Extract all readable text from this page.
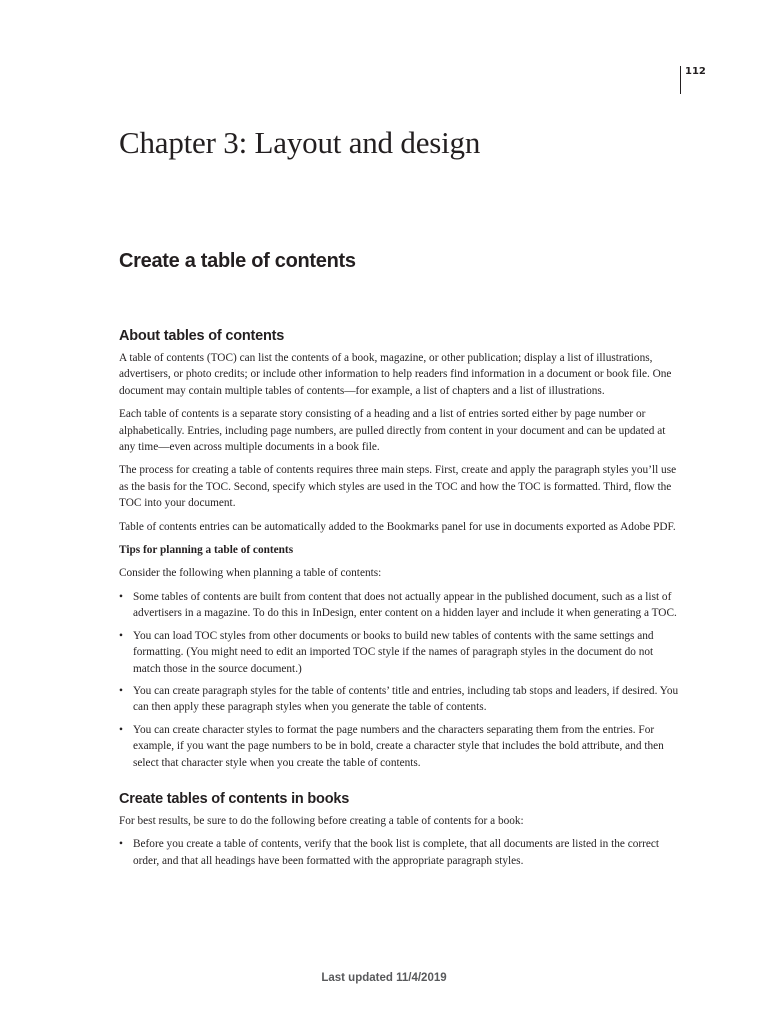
112
Chapter 3: Layout and design
Create a table of contents
About tables of contents

A table of contents (TOC) can list the contents of a book, magazine, or other publication; display a list of illustrations, advertisers, or photo credits; or include other information to help readers find information in a document or book file. One document may contain multiple tables of contents—for example, a list of chapters and a list of illustrations.

Each table of contents is a separate story consisting of a heading and a list of entries sorted either by page number or alphabetically. Entries, including page numbers, are pulled directly from content in your document and can be updated at any time—even across multiple documents in a book file.

The process for creating a table of contents requires three main steps. First, create and apply the paragraph styles you’ll use as the basis for the TOC. Second, specify which styles are used in the TOC and how the TOC is formatted. Third, flow the TOC into your document.

Table of contents entries can be automatically added to the Bookmarks panel for use in documents exported as Adobe PDF.

Tips for planning a table of contents

Consider the following when planning a table of contents:

• Some tables of contents are built from content that does not actually appear in the published document, such as a list of advertisers in a magazine. To do this in InDesign, enter content on a hidden layer and include it when generating a TOC.
• You can load TOC styles from other documents or books to build new tables of contents with the same settings and formatting. (You might need to edit an imported TOC style if the names of paragraph styles in the document do not match those in the source document.)
• You can create paragraph styles for the table of contents’ title and entries, including tab stops and leaders, if desired. You can then apply these paragraph styles when you generate the table of contents.
• You can create character styles to format the page numbers and the characters separating them from the entries. For example, if you want the page numbers to be in bold, create a character style that includes the bold attribute, and then select that character style when you create the table of contents.
Create tables of contents in books

For best results, be sure to do the following before creating a table of contents for a book:

• Before you create a table of contents, verify that the book list is complete, that all documents are listed in the correct order, and that all headings have been formatted with the appropriate paragraph styles.
Last updated 11/4/2019
